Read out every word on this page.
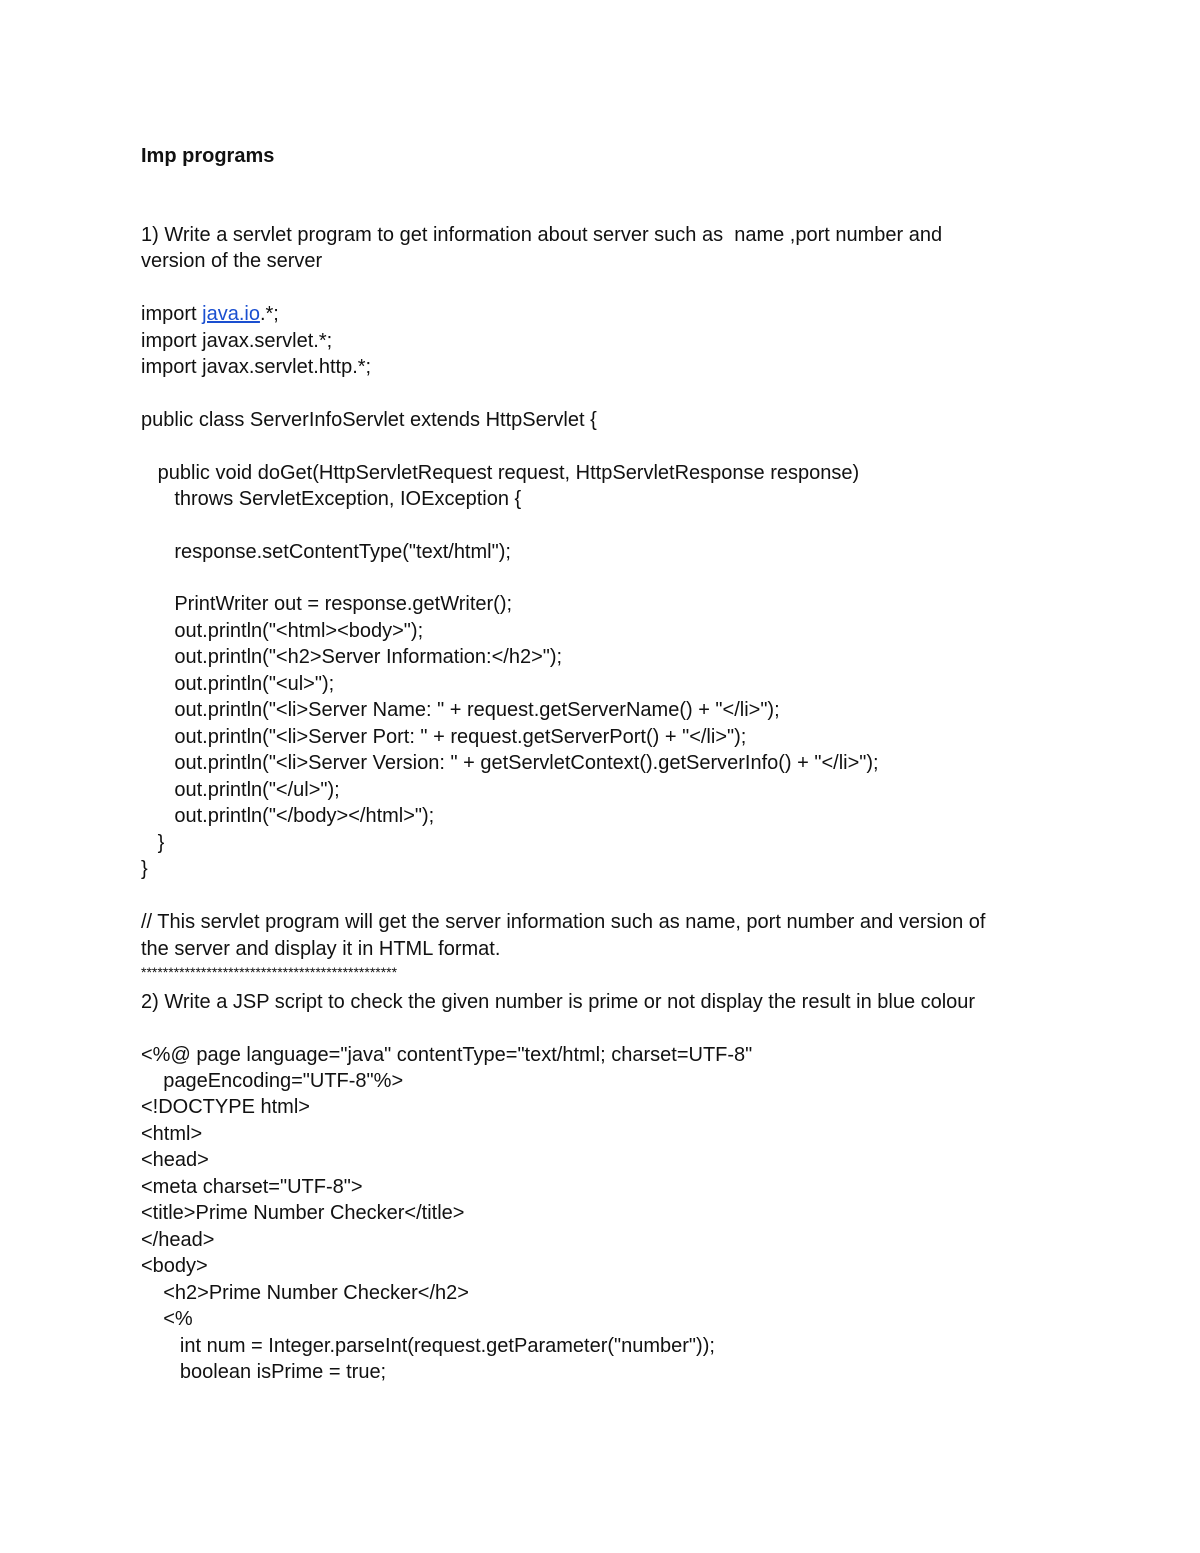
Imp programs
1) Write a servlet program to get information about server such as  name ,port number and
version of the server
import java.io.*;
import javax.servlet.*;
import javax.servlet.http.*;
public class ServerInfoServlet extends HttpServlet {
public void doGet(HttpServletRequest request, HttpServletResponse response)
throws ServletException, IOException {
response.setContentType("text/html");
PrintWriter out = response.getWriter();
out.println("<html><body>");
out.println("<h2>Server Information:</h2>");
out.println("<ul>");
out.println("<li>Server Name: " + request.getServerName() + "</li>");
out.println("<li>Server Port: " + request.getServerPort() + "</li>");
out.println("<li>Server Version: " + getServletContext().getServerInfo() + "</li>");
out.println("</ul>");
out.println("</body></html>");
}
}
// This servlet program will get the server information such as name, port number and version of
the server and display it in HTML format.
***********************************************
2) Write a JSP script to check the given number is prime or not display the result in blue colour
<%@ page language="java" contentType="text/html; charset=UTF-8"
pageEncoding="UTF-8"%>
<!DOCTYPE html>
<html>
<head>
<meta charset="UTF-8">
<title>Prime Number Checker</title>
</head>
<body>
<h2>Prime Number Checker</h2>
<%
int num = Integer.parseInt(request.getParameter("number"));
boolean isPrime = true;
